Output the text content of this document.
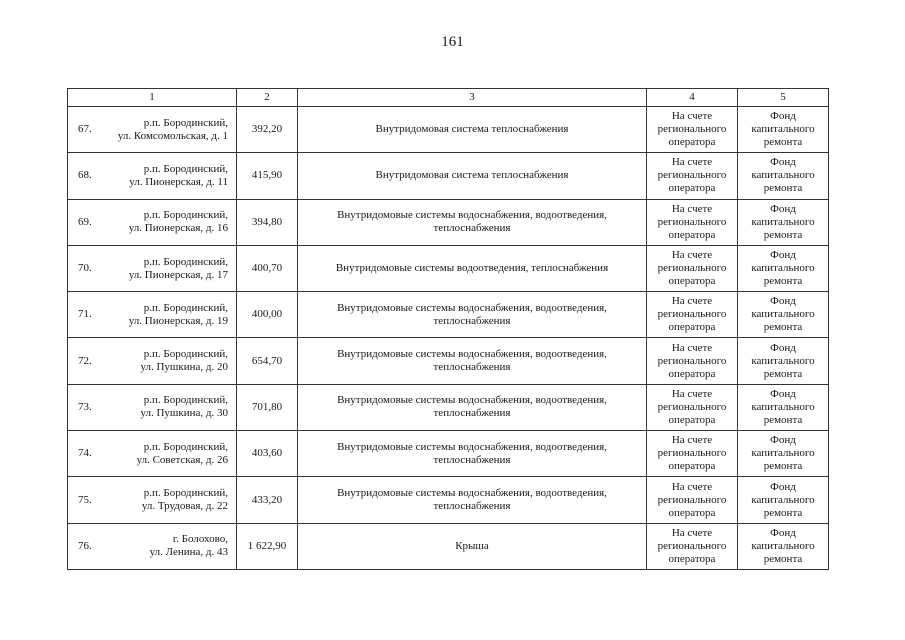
161
1	2	3	4	5

67.
р.п. Бородинский,
ул. Комсомольская, д. 1	392,20	Внутридомовая система теплоснабжения	На счете регионального оператора	Фонд капитального ремонта

68.
р.п. Бородинский,
ул. Пионерская, д. 11	415,90	Внутридомовая система теплоснабжения	На счете регионального оператора	Фонд капитального ремонта

69.
р.п. Бородинский,
ул. Пионерская, д. 16	394,80	Внутридомовые системы водоснабжения, водоотведения, теплоснабжения	На счете регионального оператора	Фонд капитального ремонта

70.
р.п. Бородинский,
ул. Пионерская, д. 17	400,70	Внутридомовые системы водоотведения, теплоснабжения	На счете регионального оператора	Фонд капитального ремонта

71.
р.п. Бородинский,
ул. Пионерская, д. 19	400,00	Внутридомовые системы водоснабжения, водоотведения, теплоснабжения	На счете регионального оператора	Фонд капитального ремонта

72.
р.п. Бородинский,
ул. Пушкина, д. 20	654,70	Внутридомовые системы водоснабжения, водоотведения, теплоснабжения	На счете регионального оператора	Фонд капитального ремонта

73.
р.п. Бородинский,
ул. Пушкина, д. 30	701,80	Внутридомовые системы водоснабжения, водоотведения, теплоснабжения	На счете регионального оператора	Фонд капитального ремонта

74.
р.п. Бородинский,
ул. Советская, д. 26	403,60	Внутридомовые системы водоснабжения, водоотведения, теплоснабжения	На счете регионального оператора	Фонд капитального ремонта

75.
р.п. Бородинский,
ул. Трудовая, д. 22	433,20	Внутридомовые системы водоснабжения, водоотведения, теплоснабжения	На счете регионального оператора	Фонд капитального ремонта

76.
г. Болохово,
ул. Ленина, д. 43	1 622,90	Крыша	На счете регионального оператора	Фонд капитального ремонта
